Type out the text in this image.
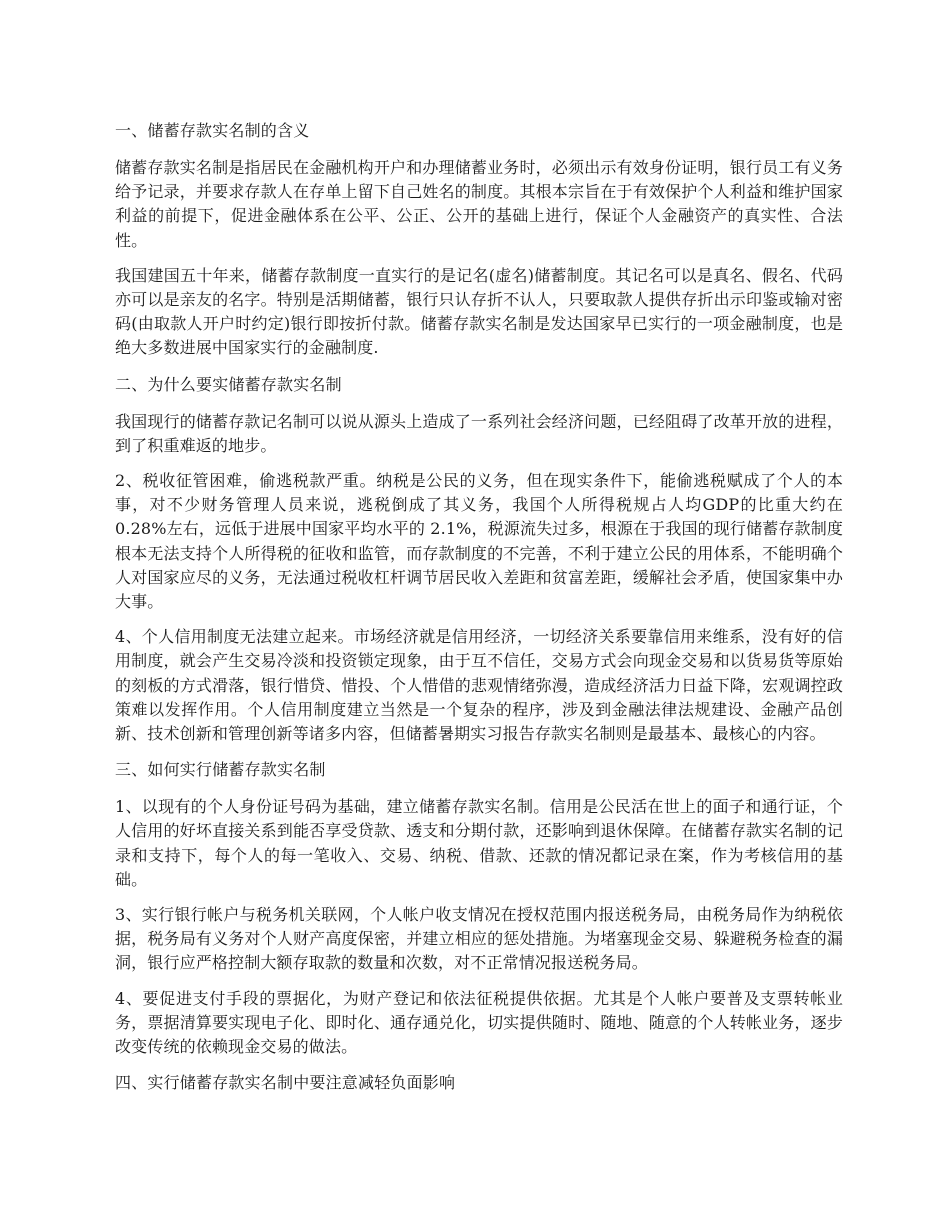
一、储蓄存款实名制的含义

储蓄存款实名制是指居民在金融机构开户和办理储蓄业务时，必须出示有效身份证明，银行员工有义务给予记录，并要求存款人在存单上留下自己姓名的制度。其根本宗旨在于有效保护个人利益和维护国家利益的前提下，促进金融体系在公平、公正、公开的基础上进行，保证个人金融资产的真实性、合法性。

我国建国五十年来，储蓄存款制度一直实行的是记名(虚名)储蓄制度。其记名可以是真名、假名、代码亦可以是亲友的名字。特别是活期储蓄，银行只认存折不认人，只要取款人提供存折出示印鉴或输对密码(由取款人开户时约定)银行即按折付款。储蓄存款实名制是发达国家早已实行的一项金融制度，也是绝大多数进展中国家实行的金融制度.

二、为什么要实储蓄存款实名制

我国现行的储蓄存款记名制可以说从源头上造成了一系列社会经济问题，已经阻碍了改革开放的进程，到了积重难返的地步。

2、税收征管困难，偷逃税款严重。纳税是公民的义务，但在现实条件下，能偷逃税赋成了个人的本事，对不少财务管理人员来说，逃税倒成了其义务，我国个人所得税规占人均GDP的比重大约在 0.28%左右，远低于进展中国家平均水平的 2.1%，税源流失过多，根源在于我国的现行储蓄存款制度根本无法支持个人所得税的征收和监管，而存款制度的不完善，不利于建立公民的用体系，不能明确个人对国家应尽的义务，无法通过税收杠杆调节居民收入差距和贫富差距，缓解社会矛盾，使国家集中办大事。

4、个人信用制度无法建立起来。市场经济就是信用经济，一切经济关系要靠信用来维系，没有好的信用制度，就会产生交易冷淡和投资锁定现象，由于互不信任，交易方式会向现金交易和以货易货等原始的刻板的方式滑落，银行惜贷、惜投、个人惜借的悲观情绪弥漫，造成经济活力日益下降，宏观调控政策难以发挥作用。个人信用制度建立当然是一个复杂的程序，涉及到金融法律法规建设、金融产品创新、技术创新和管理创新等诸多内容，但储蓄暑期实习报告存款实名制则是最基本、最核心的内容。

三、如何实行储蓄存款实名制

1、以现有的个人身份证号码为基础，建立储蓄存款实名制。信用是公民活在世上的面子和通行证，个人信用的好坏直接关系到能否享受贷款、透支和分期付款，还影响到退休保障。在储蓄存款实名制的记录和支持下，每个人的每一笔收入、交易、纳税、借款、还款的情况都记录在案，作为考核信用的基础。

3、实行银行帐户与税务机关联网，个人帐户收支情况在授权范围内报送税务局，由税务局作为纳税依据，税务局有义务对个人财产高度保密，并建立相应的惩处措施。为堵塞现金交易、躲避税务检查的漏洞，银行应严格控制大额存取款的数量和次数，对不正常情况报送税务局。

4、要促进支付手段的票据化，为财产登记和依法征税提供依据。尤其是个人帐户要普及支票转帐业务，票据清算要实现电子化、即时化、通存通兑化，切实提供随时、随地、随意的个人转帐业务，逐步改变传统的依赖现金交易的做法。

四、实行储蓄存款实名制中要注意减轻负面影响
